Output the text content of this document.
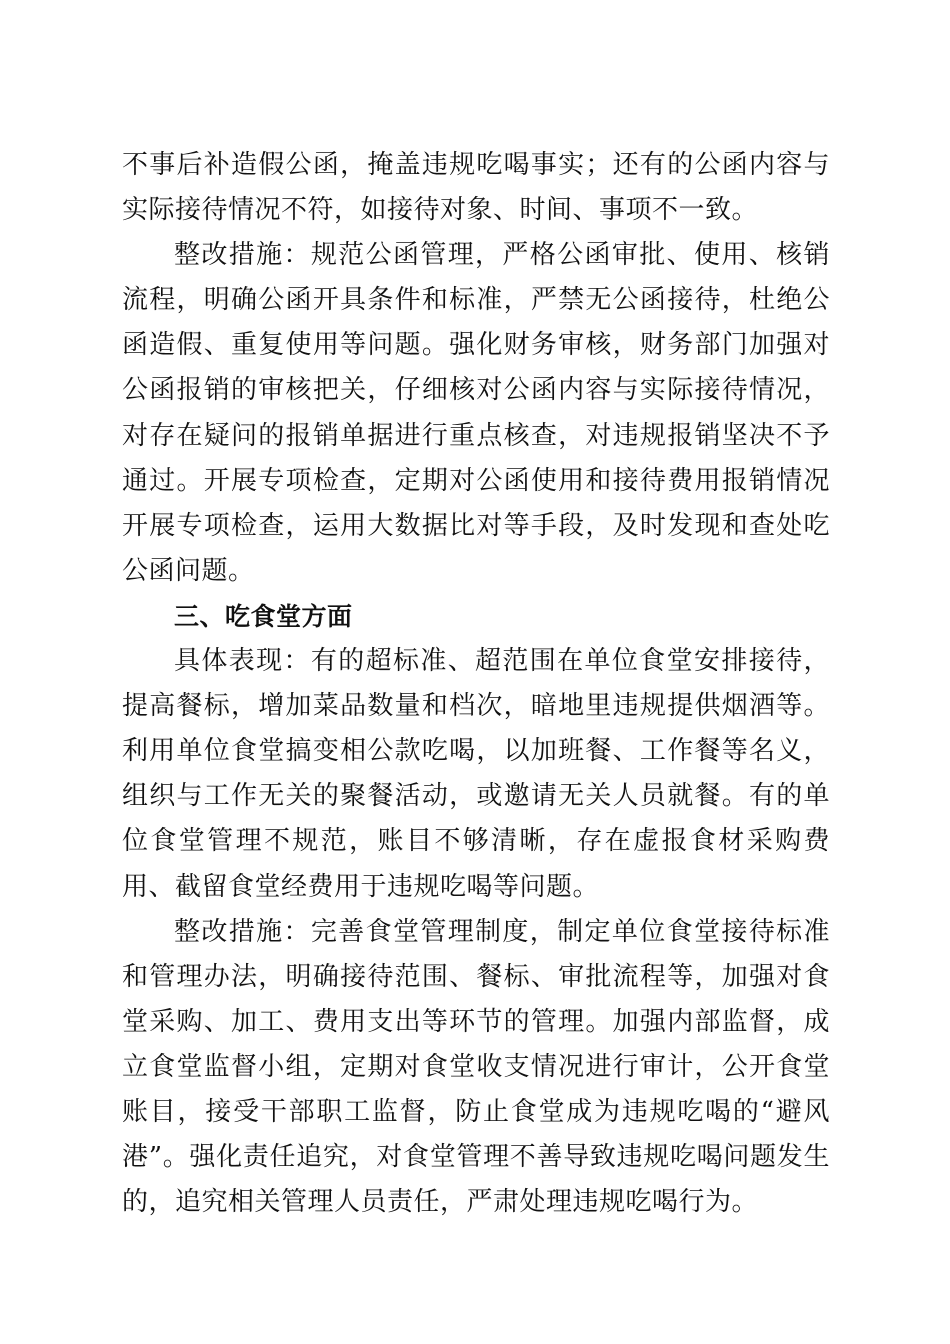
不事后补造假公函，掩盖违规吃喝事实；还有的公函内容与实际接待情况不符，如接待对象、时间、事项不一致。

整改措施：规范公函管理，严格公函审批、使用、核销流程，明确公函开具条件和标准，严禁无公函接待，杜绝公函造假、重复使用等问题。强化财务审核，财务部门加强对公函报销的审核把关，仔细核对公函内容与实际接待情况，对存在疑问的报销单据进行重点核查，对违规报销坚决不予通过。开展专项检查，定期对公函使用和接待费用报销情况开展专项检查，运用大数据比对等手段，及时发现和查处吃公函问题。

三、吃食堂方面

具体表现：有的超标准、超范围在单位食堂安排接待，提高餐标，增加菜品数量和档次，暗地里违规提供烟酒等。利用单位食堂搞变相公款吃喝，以加班餐、工作餐等名义，组织与工作无关的聚餐活动，或邀请无关人员就餐。有的单位食堂管理不规范，账目不够清晰，存在虚报食材采购费用、截留食堂经费用于违规吃喝等问题。

整改措施：完善食堂管理制度，制定单位食堂接待标准和管理办法，明确接待范围、餐标、审批流程等，加强对食堂采购、加工、费用支出等环节的管理。加强内部监督，成立食堂监督小组，定期对食堂收支情况进行审计，公开食堂账目，接受干部职工监督，防止食堂成为违规吃喝的“避风港”。强化责任追究，对食堂管理不善导致违规吃喝问题发生的，追究相关管理人员责任，严肃处理违规吃喝行为。
